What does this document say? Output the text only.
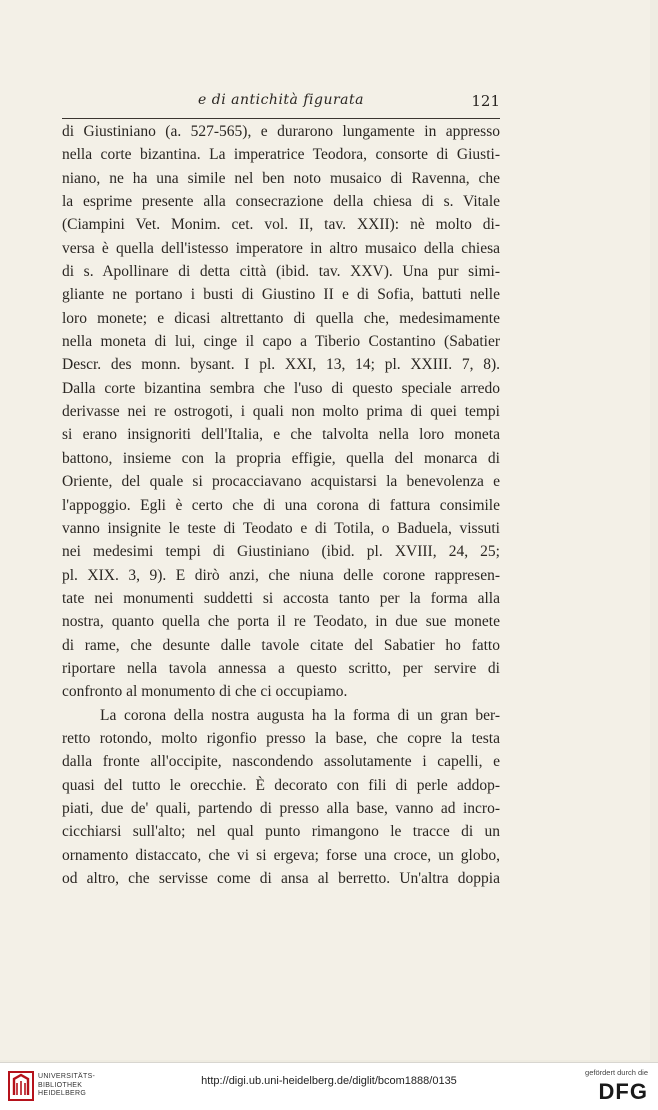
e di antichità figurata	121
di Giustiniano (a. 527-565), e durarono lungamente in appresso
nella corte bizantina. La imperatrice Teodora, consorte di Giusti-
niano, ne ha una simile nel ben noto musaico di Ravenna, che
la esprime presente alla consecrazione della chiesa di s. Vitale
(Ciampini Vet. Monim. cet. vol. II, tav. XXII): nè molto di-
versa è quella dell'istesso imperatore in altro musaico della chiesa
di s. Apollinare di detta città (ibid. tav. XXV). Una pur simi-
gliante ne portano i busti di Giustino II e di Sofia, battuti nelle
loro monete; e dicasi altrettanto di quella che, medesimamente
nella moneta di lui, cinge il capo a Tiberio Costantino (Sabatier
Descr. des monn. bysant. I pl. XXI, 13, 14; pl. XXIII. 7, 8).
Dalla corte bizantina sembra che l'uso di questo speciale arredo
derivasse nei re ostrogoti, i quali non molto prima di quei tempi
si erano insignoriti dell'Italia, e che talvolta nella loro moneta
battono, insieme con la propria effigie, quella del monarca di
Oriente, del quale si procacciavano acquistarsi la benevolenza e
l'appoggio. Egli è certo che di una corona di fattura consimile
vanno insignite le teste di Teodato e di Totila, o Baduela, vissuti
nei medesimi tempi di Giustiniano (ibid. pl. XVIII, 24, 25;
pl. XIX. 3, 9). E dirò anzi, che niuna delle corone rappresen-
tate nei monumenti suddetti si accosta tanto per la forma alla
nostra, quanto quella che porta il re Teodato, in due sue monete
di rame, che desunte dalle tavole citate del Sabatier ho fatto
riportare nella tavola annessa a questo scritto, per servire di
confronto al monumento di che ci occupiamo.
La corona della nostra augusta ha la forma di un gran ber-
retto rotondo, molto rigonfio presso la base, che copre la testa
dalla fronte all'occipite, nascondendo assolutamente i capelli, e
quasi del tutto le orecchie. È decorato con fili di perle addop-
piati, due de' quali, partendo di presso alla base, vanno ad incro-
cicchiarsi sull'alto; nel qual punto rimangono le tracce di un
ornamento distaccato, che vi si ergeva; forse una croce, un globo,
od altro, che servisse come di ansa al berretto. Un'altra doppia
UNIVERSITÄTS-
BIBLIOTHEK
HEIDELBERG
http://digi.ub.uni-heidelberg.de/diglit/bcom1888/0135
gefördert durch die
DFG
